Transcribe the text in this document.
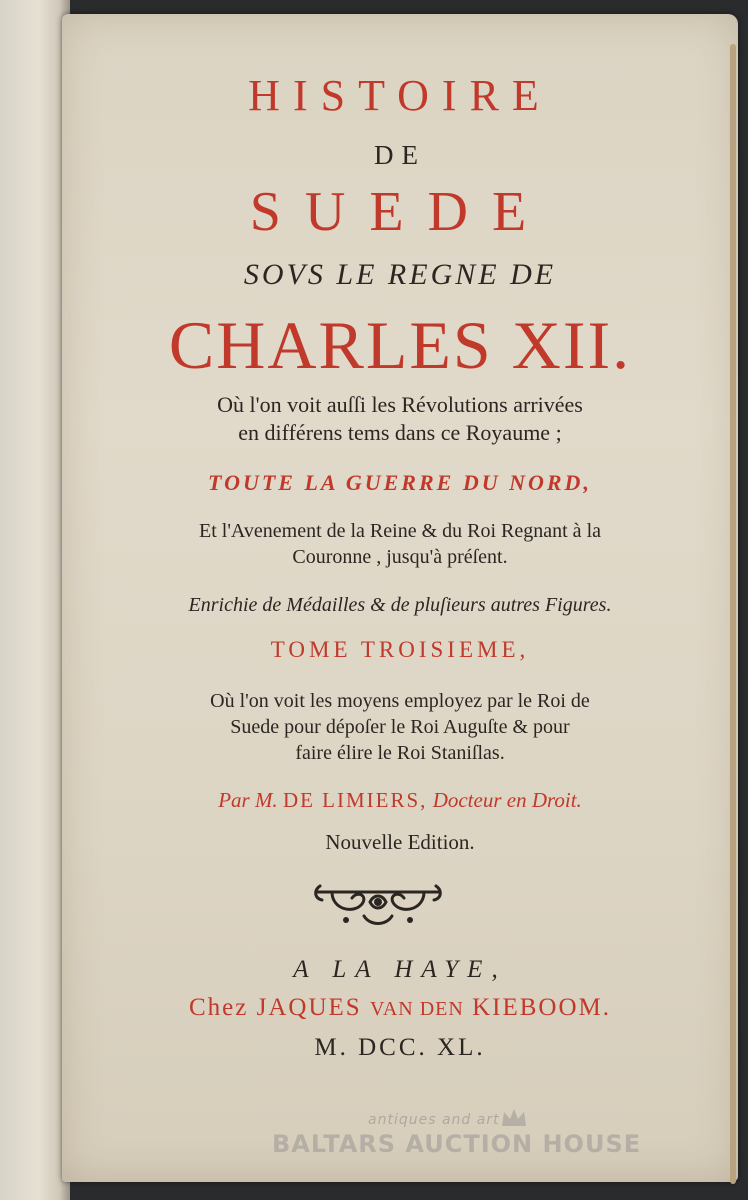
HISTOIRE
DE
SUEDE
SOVS LE REGNE DE
CHARLES XII.
Où l'on voit auſſi les Révolutions arrivées
en différens tems dans ce Royaume ;
TOUTE LA GUERRE DU NORD,
Et l'Avenement de la Reine & du Roi Regnant à la
Couronne , jusqu'à préſent.
Enrichie de Médailles & de pluſieurs autres Figures.
TOME TROISIEME,
Où l'on voit les moyens employez par le Roi de
Suede pour dépoſer le Roi Auguſte & pour
faire élire le Roi Staniſlas.
Par M. DE LIMIERS, Docteur en Droit.
Nouvelle Edition.
A LA HAYE,
Chez JAQUES VAN DEN KIEBOOM.
M. DCC. XL.
antiques and art
BALTARS AUCTION HOUSE
